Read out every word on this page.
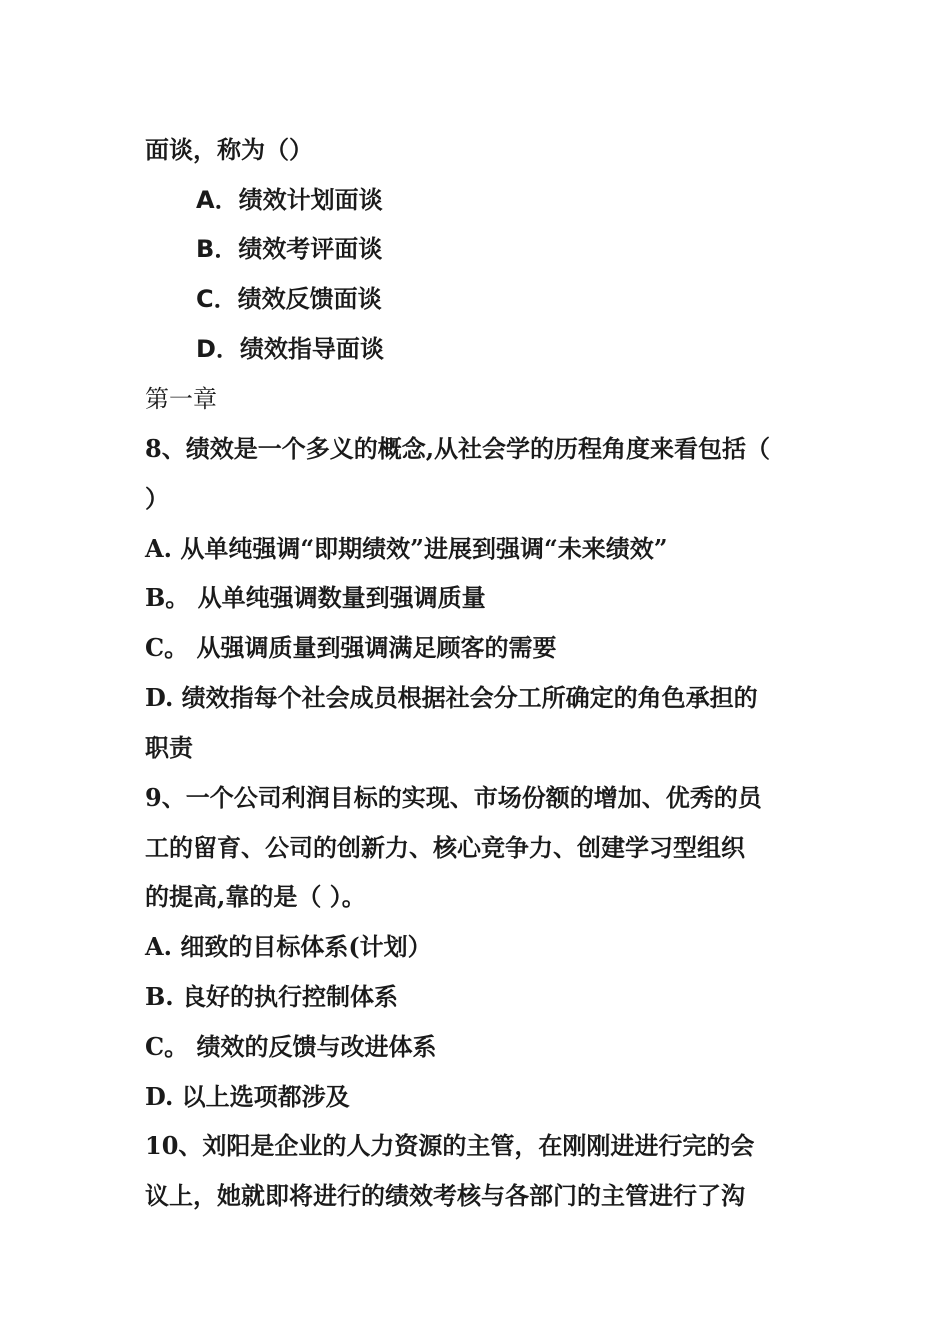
面谈，称为（）
A．绩效计划面谈
B．绩效考评面谈
C．绩效反馈面谈
D．绩效指导面谈
第一章
8、绩效是一个多义的概念,从社会学的历程角度来看包括（
）
A. 从单纯强调“即期绩效”进展到强调“未来绩效”
B。 从单纯强调数量到强调质量
C。 从强调质量到强调满足顾客的需要
D. 绩效指每个社会成员根据社会分工所确定的角色承担的
职责
9、一个公司利润目标的实现、市场份额的增加、优秀的员
工的留育、公司的创新力、核心竞争力、创建学习型组织
的提高,靠的是（ ）。
A. 细致的目标体系(计划）
B. 良好的执行控制体系
C。 绩效的反馈与改进体系
D. 以上选项都涉及
10、刘阳是企业的人力资源的主管，在刚刚进进行完的会
议上，她就即将进行的绩效考核与各部门的主管进行了沟
